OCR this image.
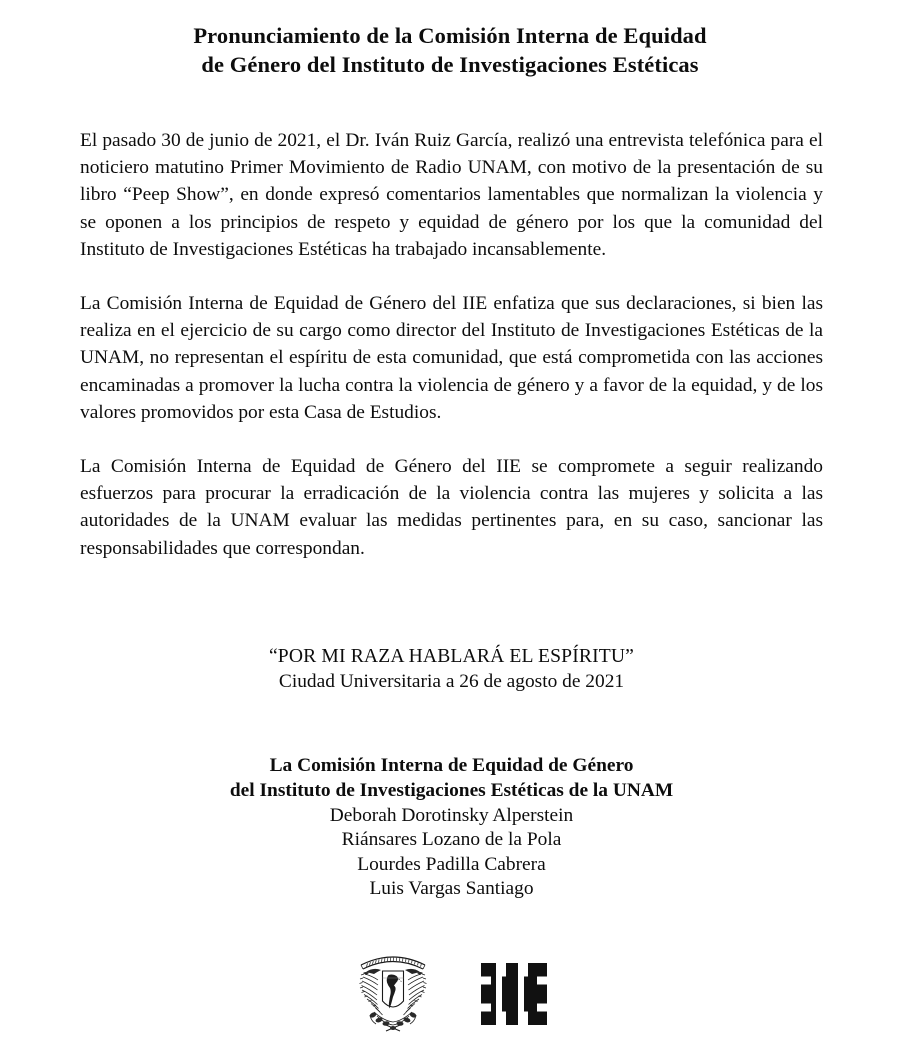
Pronunciamiento de la Comisión Interna de Equidad
de Género del Instituto de Investigaciones Estéticas

El pasado 30 de junio de 2021, el Dr. Iván Ruiz García, realizó una entrevista telefónica para el noticiero matutino Primer Movimiento de Radio UNAM, con motivo de la presentación de su libro “Peep Show”, en donde expresó comentarios lamentables que normalizan la violencia y se oponen a los principios de respeto y equidad de género por los que la comunidad del Instituto de Investigaciones Estéticas ha trabajado incansablemente.

La Comisión Interna de Equidad de Género del IIE enfatiza que sus declaraciones, si bien las realiza en el ejercicio de su cargo como director del Instituto de Investigaciones Estéticas de la UNAM, no representan el espíritu de esta comunidad, que está comprometida con las acciones encaminadas a promover la lucha contra la violencia de género y a favor de la equidad, y de los valores promovidos por esta Casa de Estudios.

La Comisión Interna de Equidad de Género del IIE se compromete a seguir realizando esfuerzos para procurar la erradicación de la violencia contra las mujeres y solicita a las autoridades de la UNAM evaluar las medidas pertinentes para, en su caso, sancionar las responsabilidades que correspondan.

“POR MI RAZA HABLARÁ EL ESPÍRITU”
Ciudad Universitaria a 26 de agosto de 2021
La Comisión Interna de Equidad de Género
del Instituto de Investigaciones Estéticas de la UNAM
Deborah Dorotinsky Alperstein
Riánsares Lozano de la Pola
Lourdes Padilla Cabrera
Luis Vargas Santiago
